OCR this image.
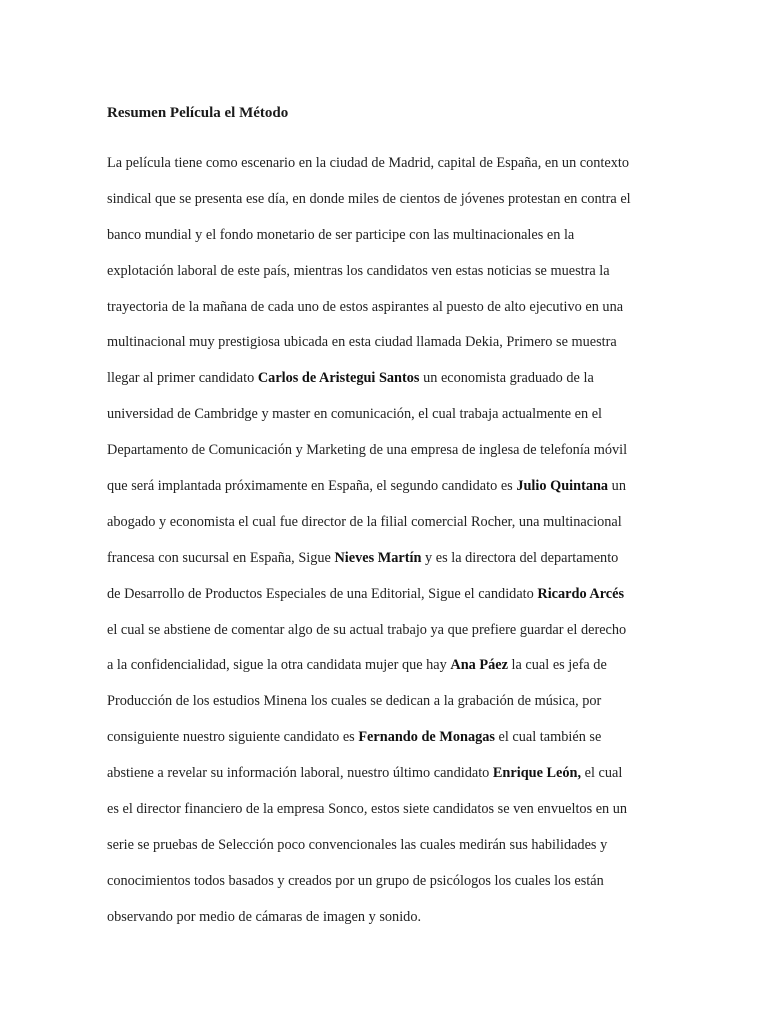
Resumen Película el Método
La película tiene como escenario en la ciudad de Madrid, capital de España, en un contexto
sindical que se presenta ese día, en donde miles de cientos de jóvenes protestan en contra el
banco mundial y el fondo monetario de ser participe con las multinacionales en la
explotación laboral de este país, mientras los candidatos ven estas noticias se muestra la
trayectoria de la mañana de cada uno de estos aspirantes al puesto de alto ejecutivo en una
multinacional muy prestigiosa ubicada en esta ciudad llamada Dekia, Primero se muestra
llegar al primer candidato Carlos de Aristegui Santos un economista graduado de la
universidad de Cambridge y master en comunicación, el cual trabaja actualmente en el
Departamento de Comunicación y Marketing de una empresa de inglesa de telefonía móvil
que será implantada próximamente en España, el segundo candidato es Julio Quintana un
abogado y economista el cual fue director de la filial comercial Rocher, una multinacional
francesa con sucursal en España, Sigue Nieves Martín y es la directora del departamento
de Desarrollo de Productos Especiales de una Editorial, Sigue el candidato Ricardo Arcés
el cual se abstiene de comentar algo de su actual trabajo ya que prefiere guardar el derecho
a la confidencialidad, sigue la otra candidata mujer que hay Ana Páez la cual es jefa de
Producción de los estudios Minena los cuales se dedican a la grabación de música, por
consiguiente nuestro siguiente candidato es Fernando de Monagas el cual también se
abstiene a revelar su información laboral, nuestro último candidato Enrique León, el cual
es el director financiero de la empresa Sonco, estos siete candidatos se ven envueltos en un
serie se pruebas de Selección poco convencionales las cuales medirán sus habilidades y
conocimientos todos basados y creados por un grupo de psicólogos los cuales los están
observando por medio de cámaras de imagen y sonido.
